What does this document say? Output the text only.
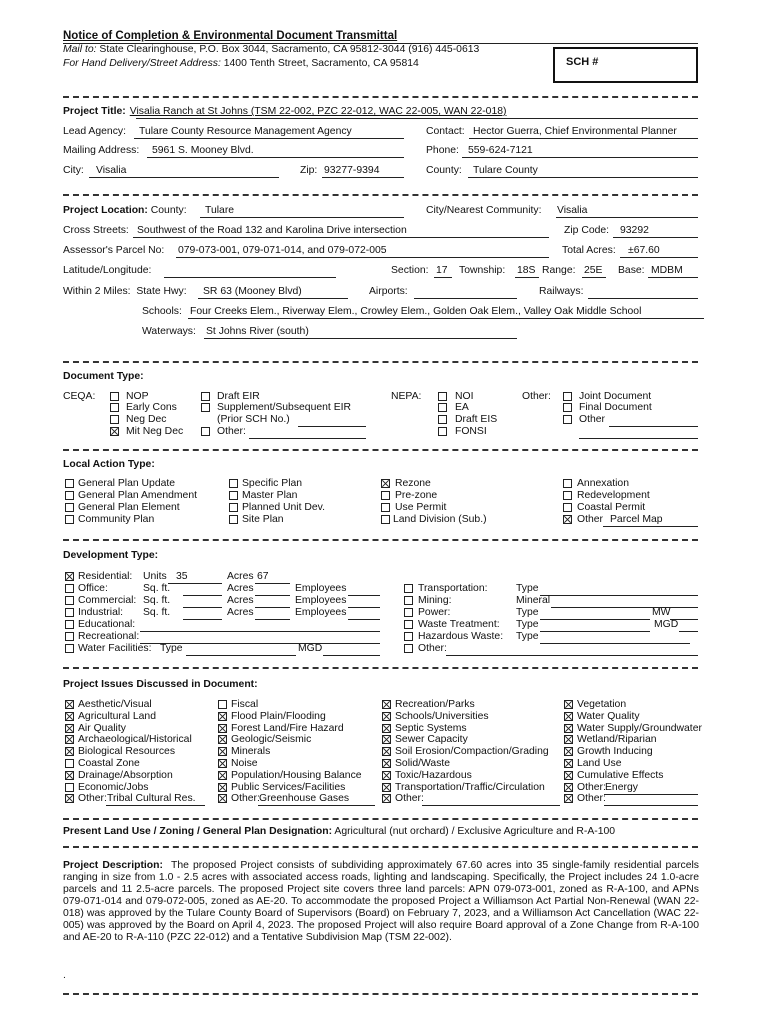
Notice of Completion & Environmental Document Transmittal
Mail to: State Clearinghouse, P.O. Box 3044, Sacramento, CA 95812-3044 (916) 445-0613
For Hand Delivery/Street Address: 1400 Tenth Street, Sacramento, CA 95814	SCH #
Project Title: Visalia Ranch at St Johns (TSM 22-002, PZC 22-012, WAC 22-005, WAN 22-018)
Lead Agency: Tulare County Resource Management Agency	Contact: Hector Guerra, Chief Environmental Planner
Mailing Address: 5961 S. Mooney Blvd.	Phone: 559-624-7121
City: Visalia	Zip: 93277-9394	County: Tulare County
Project Location: County: Tulare	City/Nearest Community: Visalia
Cross Streets: Southwest of the Road 132 and Karolina Drive intersection	Zip Code: 93292
Assessor's Parcel No: 079-073-001, 079-071-014, and 079-072-005	Total Acres: ±67.60
Latitude/Longitude:	Section: 17 Township: 18S Range: 25E Base: MDBM
Within 2 Miles: State Hwy: SR 63 (Mooney Blvd)	Airports:	Railways:
Schools: Four Creeks Elem., Riverway Elem., Crowley Elem., Golden Oak Elem., Valley Oak Middle School
Waterways: St Johns River (south)
Document Type:
CEQA:	NOP
Early Cons
Neg Dec
Mit Neg Dec
Draft EIR
Supplement/Subsequent EIR
(Prior SCH No.)
Other:
NEPA:	NOI
EA
Draft EIS
FONSI
Other:	Joint Document
Final Document
Other
Local Action Type:
General Plan Update
General Plan Amendment
General Plan Element
Community Plan
Specific Plan
Master Plan
Planned Unit Dev.
Site Plan
Rezone
Pre-zone
Use Permit
Land Division (Sub.)
Annexation
Redevelopment
Coastal Permit
Other Parcel Map
Development Type:
Residential: Units 35	Acres 67
Office:	Sq. ft.	Acres	Employees
Commercial: Sq. ft.	Acres	Employees
Industrial: Sq. ft.	Acres	Employees
Educational:
Recreational:
Water Facilities: Type	MGD
Transportation:	Type
Mining:	Mineral
Power:	Type	MW
Waste Treatment: Type	MGD
Hazardous Waste: Type
Other:
Project Issues Discussed in Document:
Aesthetic/Visual
Agricultural Land
Air Quality
Archaeological/Historical
Biological Resources
Coastal Zone
Drainage/Absorption
Economic/Jobs
Other: Tribal Cultural Res.
Fiscal
Flood Plain/Flooding
Forest Land/Fire Hazard
Geologic/Seismic
Minerals
Noise
Population/Housing Balance
Public Services/Facilities
Other: Greenhouse Gases
Recreation/Parks
Schools/Universities
Septic Systems
Sewer Capacity
Soil Erosion/Compaction/Grading
Solid/Waste
Toxic/Hazardous
Transportation/Traffic/Circulation
Other:
Vegetation
Water Quality
Water Supply/Groundwater
Wetland/Riparian
Growth Inducing
Land Use
Cumulative Effects
Other: Energy
Other:
Present Land Use / Zoning / General Plan Designation: Agricultural (nut orchard) / Exclusive Agriculture and R-A-100
Project Description: The proposed Project consists of subdividing approximately 67.60 acres into 35 single-family residential parcels ranging in size from 1.0 - 2.5 acres with associated access roads, lighting and landscaping. Specifically, the Project includes 24 1.0-acre parcels and 11 2.5-acre parcels. The proposed Project site covers three land parcels: APN 079-073-001, zoned as R-A-100, and APNs 079-071-014 and 079-072-005, zoned as AE-20. To accommodate the proposed Project a Williamson Act Partial Non-Renewal (WAN 22-018) was approved by the Tulare County Board of Supervisors (Board) on February 7, 2023, and a Williamson Act Cancellation (WAC 22-005) was approved by the Board on April 4, 2023. The proposed Project will also require Board approval of a Zone Change from R-A-100 and AE-20 to R-A-110 (PZC 22-012) and a Tentative Subdivision Map (TSM 22-002).
.
